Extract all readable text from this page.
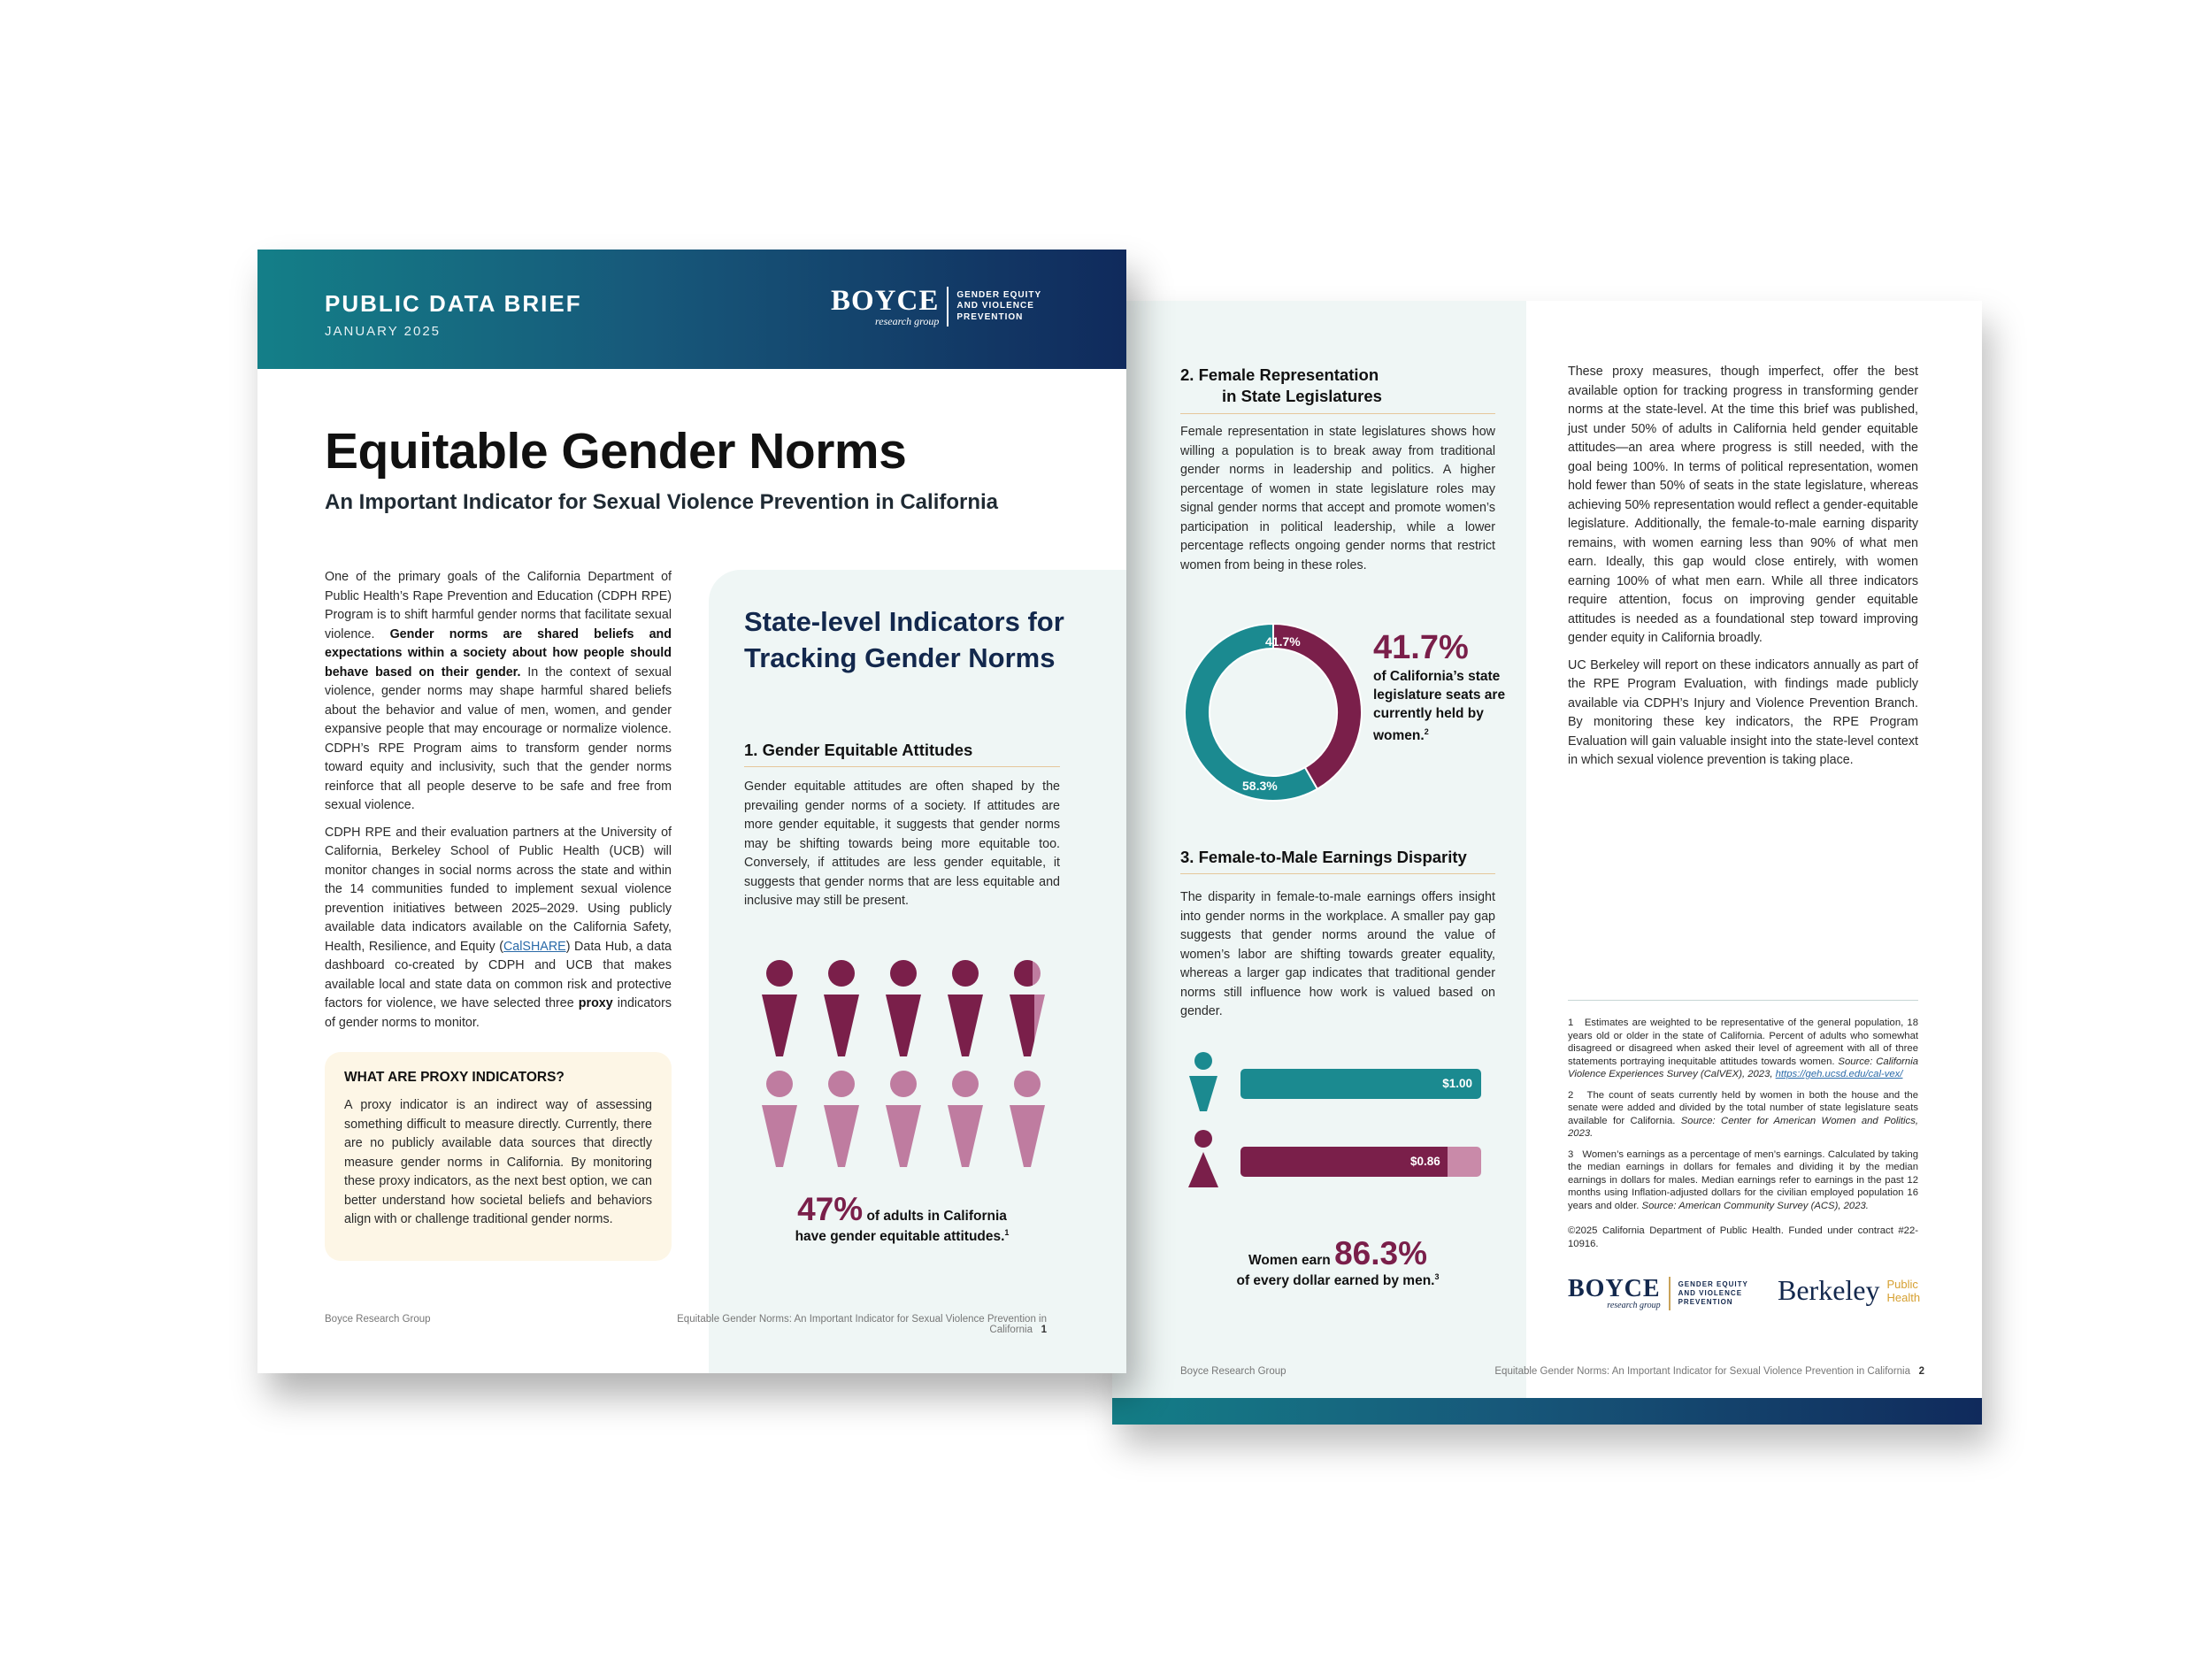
PUBLIC DATA BRIEF
JANUARY 2025
BOYCE
research group
GENDER EQUITY
AND VIOLENCE
PREVENTION
Equitable Gender Norms
An Important Indicator for Sexual Violence Prevention in California

One of the primary goals of the California Department of Public Health’s Rape Prevention and Education (CDPH RPE) Program is to shift harmful gender norms that facilitate sexual violence. Gender norms are shared beliefs and expectations within a society about how people should behave based on their gender. In the context of sexual violence, gender norms may shape harmful shared beliefs about the behavior and value of men, women, and gender expansive people that may encourage or normalize violence. CDPH’s RPE Program aims to transform gender norms toward equity and inclusivity, such that the gender norms reinforce that all people deserve to be safe and free from sexual violence.

CDPH RPE and their evaluation partners at the University of California, Berkeley School of Public Health (UCB) will monitor changes in social norms across the state and within the 14 communities funded to implement sexual violence prevention initiatives between 2025–2029. Using publicly available data indicators available on the California Safety, Health, Resilience, and Equity (CalSHARE) Data Hub, a data dashboard co-created by CDPH and UCB that makes available local and state data on common risk and protective factors for violence, we have selected three proxy indicators of gender norms to monitor.

WHAT ARE PROXY INDICATORS?
A proxy indicator is an indirect way of assessing something difficult to measure directly. Currently, there are no publicly available data sources that directly measure gender norms in California. By monitoring these proxy indicators, as the next best option, we can better understand how societal beliefs and behaviors align with or challenge traditional gender norms.
State-level Indicators for Tracking Gender Norms
1. Gender Equitable Attitudes
Gender equitable attitudes are often shaped by the prevailing gender norms of a society. If attitudes are more gender equitable, it suggests that gender norms may be shifting towards being more equitable too. Conversely, if attitudes are less gender equitable, it suggests that gender norms that are less equitable and inclusive may still be present.
47% of adults in California
have gender equitable attitudes.$^1$
Boyce Research Group	Equitable Gender Norms: An Important Indicator for Sexual Violence Prevention in California 1
2. Female Representation
in State Legislatures
Female representation in state legislatures shows how willing a population is to break away from traditional gender norms in leadership and politics. A higher percentage of women in state legislature roles may signal gender norms that accept and promote women’s participation in political leadership, while a lower percentage reflects ongoing gender norms that restrict women from being in these roles.
41.7%
58.3%
41.7%
of California’s state legislature seats are currently held by women.$^2$
3. Female-to-Male Earnings Disparity
The disparity in female-to-male earnings offers insight into gender norms in the workplace. A smaller pay gap suggests that gender norms around the value of women’s labor are shifting towards greater equality, whereas a larger gap indicates that traditional gender norms still influence how work is valued based on gender.
$1.00
$0.86
Women earn 86.3%
of every dollar earned by men.$^3$

These proxy measures, though imperfect, offer the best available option for tracking progress in transforming gender norms at the state-level. At the time this brief was published, just under 50% of adults in California held gender equitable attitudes—an area where progress is still needed, with the goal being 100%. In terms of political representation, women hold fewer than 50% of seats in the state legislature, whereas achieving 50% representation would reflect a gender-equitable legislature. Additionally, the female-to-male earning disparity remains, with women earning less than 90% of what men earn. Ideally, this gap would close entirely, with women earning 100% of what men earn. While all three indicators require attention, focus on improving gender equitable attitudes is needed as a foundational step toward improving gender equity in California broadly.

UC Berkeley will report on these indicators annually as part of the RPE Program Evaluation, with findings made publicly available via CDPH’s Injury and Violence Prevention Branch. By monitoring these key indicators, the RPE Program Evaluation will gain valuable insight into the state-level context in which sexual violence prevention is taking place.

1   Estimates are weighted to be representative of the general population, 18 years old or older in the state of California. Percent of adults who somewhat disagreed or disagreed when asked their level of agreement with all of three statements portraying inequitable attitudes towards women. Source: California Violence Experiences Survey (CalVEX), 2023, https://geh.ucsd.edu/cal-vex/

2   The count of seats currently held by women in both the house and the senate were added and divided by the total number of state legislature seats available for California. Source: Center for American Women and Politics, 2023.

3   Women’s earnings as a percentage of men’s earnings. Calculated by taking the median earnings in dollars for females and dividing it by the median earnings in dollars for males. Median earnings refer to earnings in the past 12 months using Inflation-adjusted dollars for the civilian employed population 16 years and older. Source: American Community Survey (ACS), 2023.

©2025 California Department of Public Health. Funded under contract #22-10916.

BOYCE
research group
GENDER EQUITY
AND VIOLENCE
PREVENTION	Berkeley Public
Health
Boyce Research Group	Equitable Gender Norms: An Important Indicator for Sexual Violence Prevention in California 2
